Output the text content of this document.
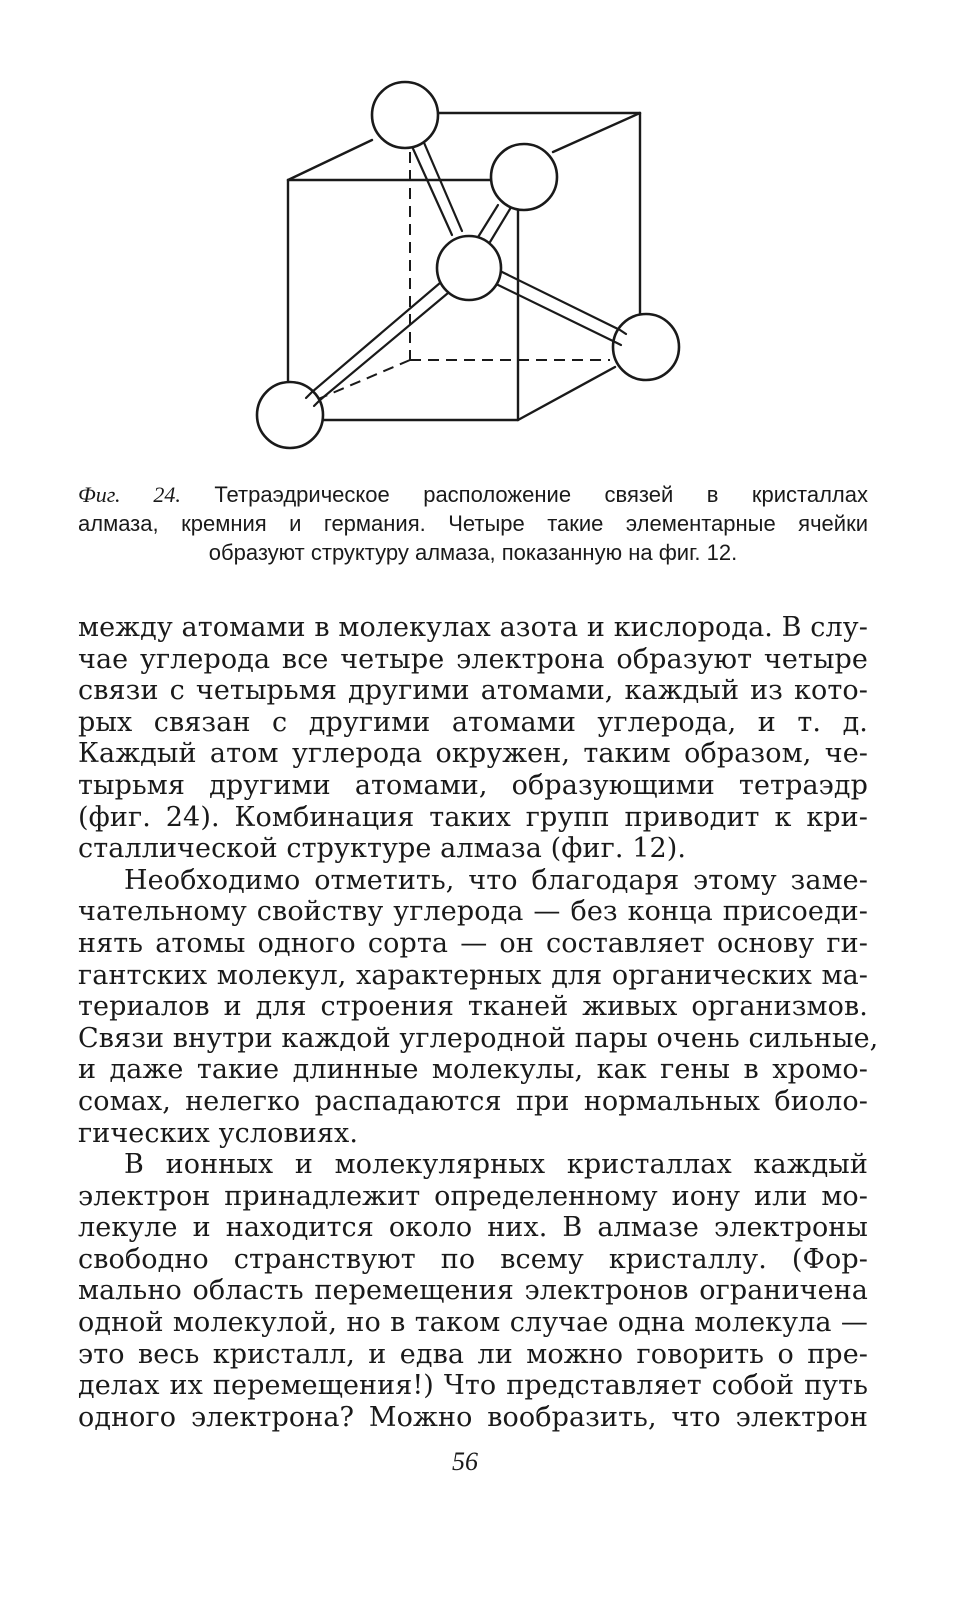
Фиг. 24. Тетраэдрическое расположение связей в кристаллах
алмаза, кремния и германия. Четыре такие элементарные ячейки
образуют структуру алмаза, показанную на фиг. 12.

между атомами в молекулах азота и кислорода. В слу-
чае углерода все четыре электрона образуют четыре
связи с четырьмя другими атомами, каждый из кото-
рых связан с другими атомами углерода, и т. д.
Каждый атом углерода окружен, таким образом, че-
тырьмя другими атомами, образующими тетраэдр
(фиг. 24). Комбинация таких групп приводит к кри-
сталлической структуре алмаза (фиг. 12).

Необходимо отметить, что благодаря этому заме-
чательному свойству углерода — без конца присоеди-
нять атомы одного сорта — он составляет основу ги-
гантских молекул, характерных для органических ма-
териалов и для строения тканей живых организмов.
Связи внутри каждой углеродной пары очень сильные,
и даже такие длинные молекулы, как гены в хромо-
сомах, нелегко распадаются при нормальных биоло-
гических условиях.

В ионных и молекулярных кристаллах каждый
электрон принадлежит определенному иону или мо-
лекуле и находится около них. В алмазе электроны
свободно странствуют по всему кристаллу. (Фор-
мально область перемещения электронов ограничена
одной молекулой, но в таком случае одна молекула —
это весь кристалл, и едва ли можно говорить о пре-
делах их перемещения!) Что представляет собой путь
одного электрона? Можно вообразить, что электрон

56
